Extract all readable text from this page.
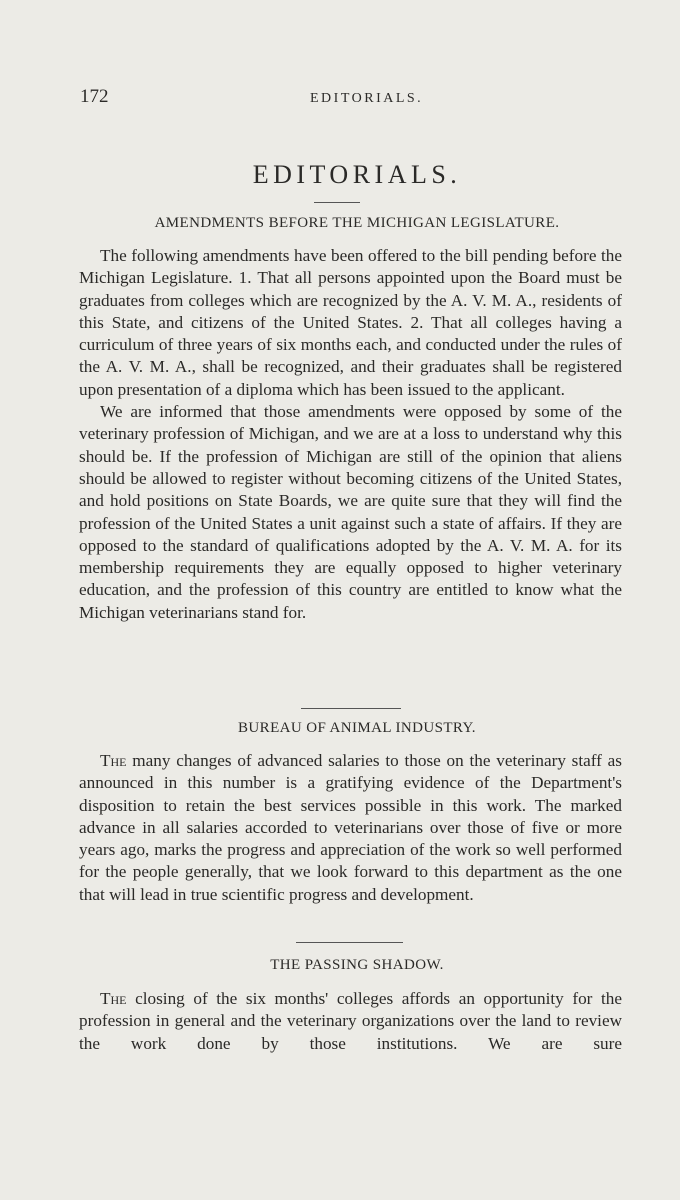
172	EDITORIALS.
EDITORIALS.
AMENDMENTS BEFORE THE MICHIGAN LEGISLATURE.

The following amendments have been offered to the bill pending before the Michigan Legislature. 1. That all persons appointed upon the Board must be graduates from colleges which are recognized by the A. V. M. A., residents of this State, and citizens of the United States. 2. That all colleges having a curriculum of three years of six months each, and conducted under the rules of the A. V. M. A., shall be recognized, and their graduates shall be registered upon presentation of a diploma which has been issued to the applicant.

We are informed that those amendments were opposed by some of the veterinary profession of Michigan, and we are at a loss to understand why this should be. If the profession of Michigan are still of the opinion that aliens should be allowed to register without becoming citizens of the United States, and hold positions on State Boards, we are quite sure that they will find the profession of the United States a unit against such a state of affairs. If they are opposed to the standard of qualifications adopted by the A. V. M. A. for its membership requirements they are equally opposed to higher veterinary education, and the profession of this country are entitled to know what the Michigan veterinarians stand for.

BUREAU OF ANIMAL INDUSTRY.

The many changes of advanced salaries to those on the veterinary staff as announced in this number is a gratifying evidence of the Department's disposition to retain the best services possible in this work. The marked advance in all salaries accorded to veterinarians over those of five or more years ago, marks the progress and appreciation of the work so well performed for the people generally, that we look forward to this department as the one that will lead in true scientific progress and development.

THE PASSING SHADOW.

The closing of the six months' colleges affords an opportunity for the profession in general and the veterinary organizations over the land to review the work done by those institutions. We are sure
